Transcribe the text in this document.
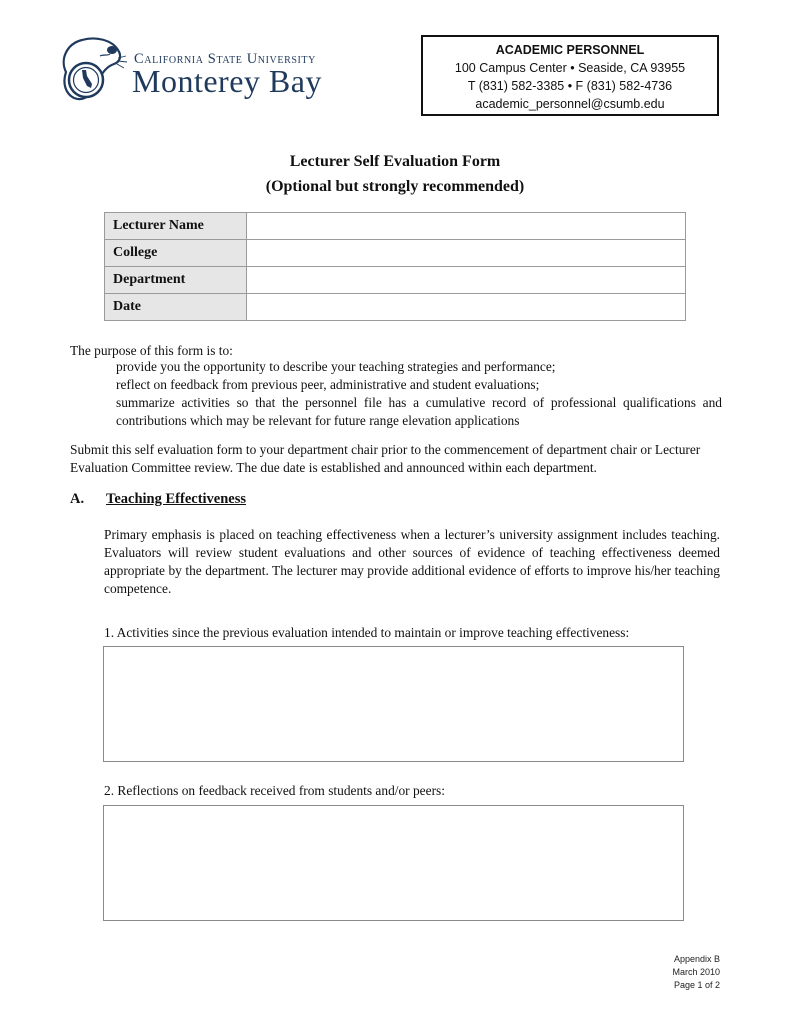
California State University
Monterey Bay
ACADEMIC PERSONNEL
100 Campus Center • Seaside, CA 93955
T (831) 582-3385 • F (831) 582-4736
academic_personnel@csumb.edu
Lecturer Self Evaluation Form
(Optional but strongly recommended)
Lecturer Name	
College	
Department	
Date	
The purpose of this form is to:
provide you the opportunity to describe your teaching strategies and performance;
reflect on feedback from previous peer, administrative and student evaluations;
summarize activities so that the personnel file has a cumulative record of professional qualifications and
contributions which may be relevant for future range elevation applications
Submit this self evaluation form to your department chair prior to the commencement of department chair or Lecturer Evaluation Committee review. The due date is established and announced within each department.
A. Teaching Effectiveness
Primary emphasis is placed on teaching effectiveness when a lecturer’s university assignment includes teaching. Evaluators will review student evaluations and other sources of evidence of teaching effectiveness deemed appropriate by the department. The lecturer may provide additional evidence of efforts to improve his/her teaching competence.
1. Activities since the previous evaluation intended to maintain or improve teaching effectiveness:
2. Reflections on feedback received from students and/or peers:
Appendix B
March 2010
Page 1 of 2
